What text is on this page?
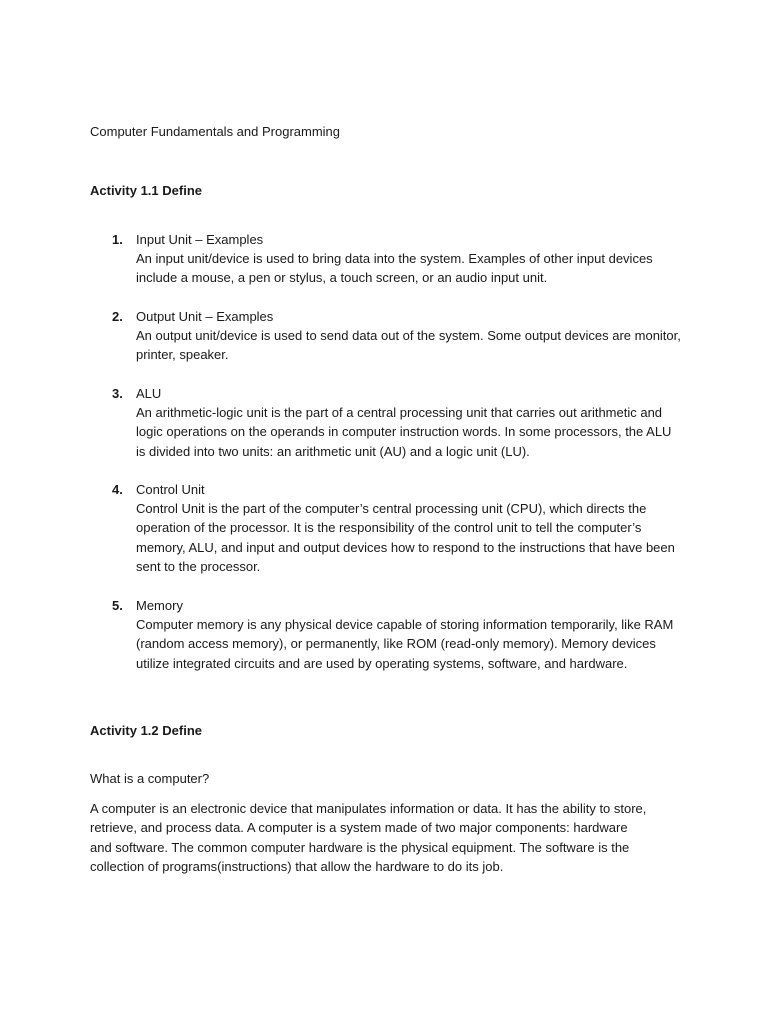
Computer Fundamentals and Programming
Activity 1.1 Define
1. Input Unit – Examples

An input unit/device is used to bring data into the system. Examples of other input devices include a mouse, a pen or stylus, a touch screen, or an audio input unit.

2. Output Unit – Examples

An output unit/device is used to send data out of the system. Some output devices are monitor, printer, speaker.

3. ALU

An arithmetic-logic unit is the part of a central processing unit that carries out arithmetic and logic operations on the operands in computer instruction words. In some processors, the ALU is divided into two units: an arithmetic unit (AU) and a logic unit (LU).

4. Control Unit

Control Unit is the part of the computer’s central processing unit (CPU), which directs the operation of the processor. It is the responsibility of the control unit to tell the computer’s memory, ALU, and input and output devices how to respond to the instructions that have been sent to the processor.

5. Memory

Computer memory is any physical device capable of storing information temporarily, like RAM (random access memory), or permanently, like ROM (read-only memory). Memory devices utilize integrated circuits and are used by operating systems, software, and hardware.

Activity 1.2 Define

What is a computer?

A computer is an electronic device that manipulates information or data. It has the ability to store, retrieve, and process data. A computer is a system made of two major components: hardware and software. The common computer hardware is the physical equipment. The software is the collection of programs(instructions) that allow the hardware to do its job.
